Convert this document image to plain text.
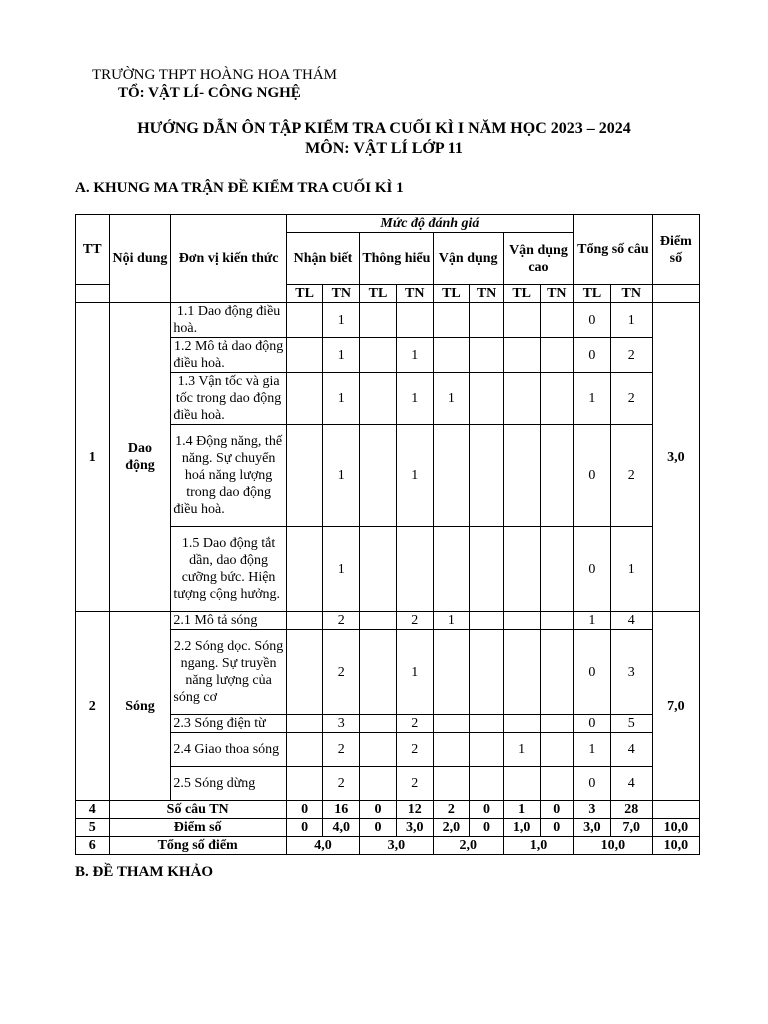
TRƯỜNG THPT HOÀNG HOA THÁM
TỔ: VẬT LÍ- CÔNG NGHỆ
HƯỚNG DẪN ÔN TẬP KIỂM TRA CUỐI KÌ I NĂM HỌC 2023 – 2024
MÔN: VẬT LÍ LỚP 11
A. KHUNG MA TRẬN ĐỀ KIỂM TRA CUỐI KÌ 1
TT	Nội dung	Đơn vị kiến thức	Mức độ đánh giá								Tổng số câu		Điểm số
			Nhận biết		Thông hiểu		Vận dụng		Vận dụng cao				
			TL	TN	TL	TN	TL	TN	TL	TN	TL	TN	
1	Dao động	1.1 Dao động điều hoà.		1							0	1	3,0
		1.2 Mô tả dao động điều hoà.		1		1					0	2	
		1.3 Vận tốc và gia tốc trong dao động điều hoà.		1		1	1				1	2	
		1.4 Động năng, thế năng. Sự chuyển hoá năng lượng trong dao động điều hoà.		1		1					0	2	
		1.5 Dao động tắt dần, dao động cưỡng bức. Hiện tượng cộng hưởng.		1							0	1	
2	Sóng	2.1 Mô tả sóng		2		2	1				1	4	7,0
		2.2 Sóng dọc. Sóng ngang. Sự truyền năng lượng của sóng cơ		2		1					0	3	
		2.3 Sóng điện từ		3		2					0	5	
		2.4 Giao thoa sóng		2		2			1		1	4	
		2.5 Sóng dừng		2		2					0	4	
4	Số câu TN		0	16	0	12	2	0	1	0	3	28	
5	Điểm số		0	4,0	0	3,0	2,0	0	1,0	0	3,0	7,0	10,0
6	Tổng số điểm		4,0		3,0		2,0		1,0		10,0		10,0
B. ĐỀ THAM KHẢO
